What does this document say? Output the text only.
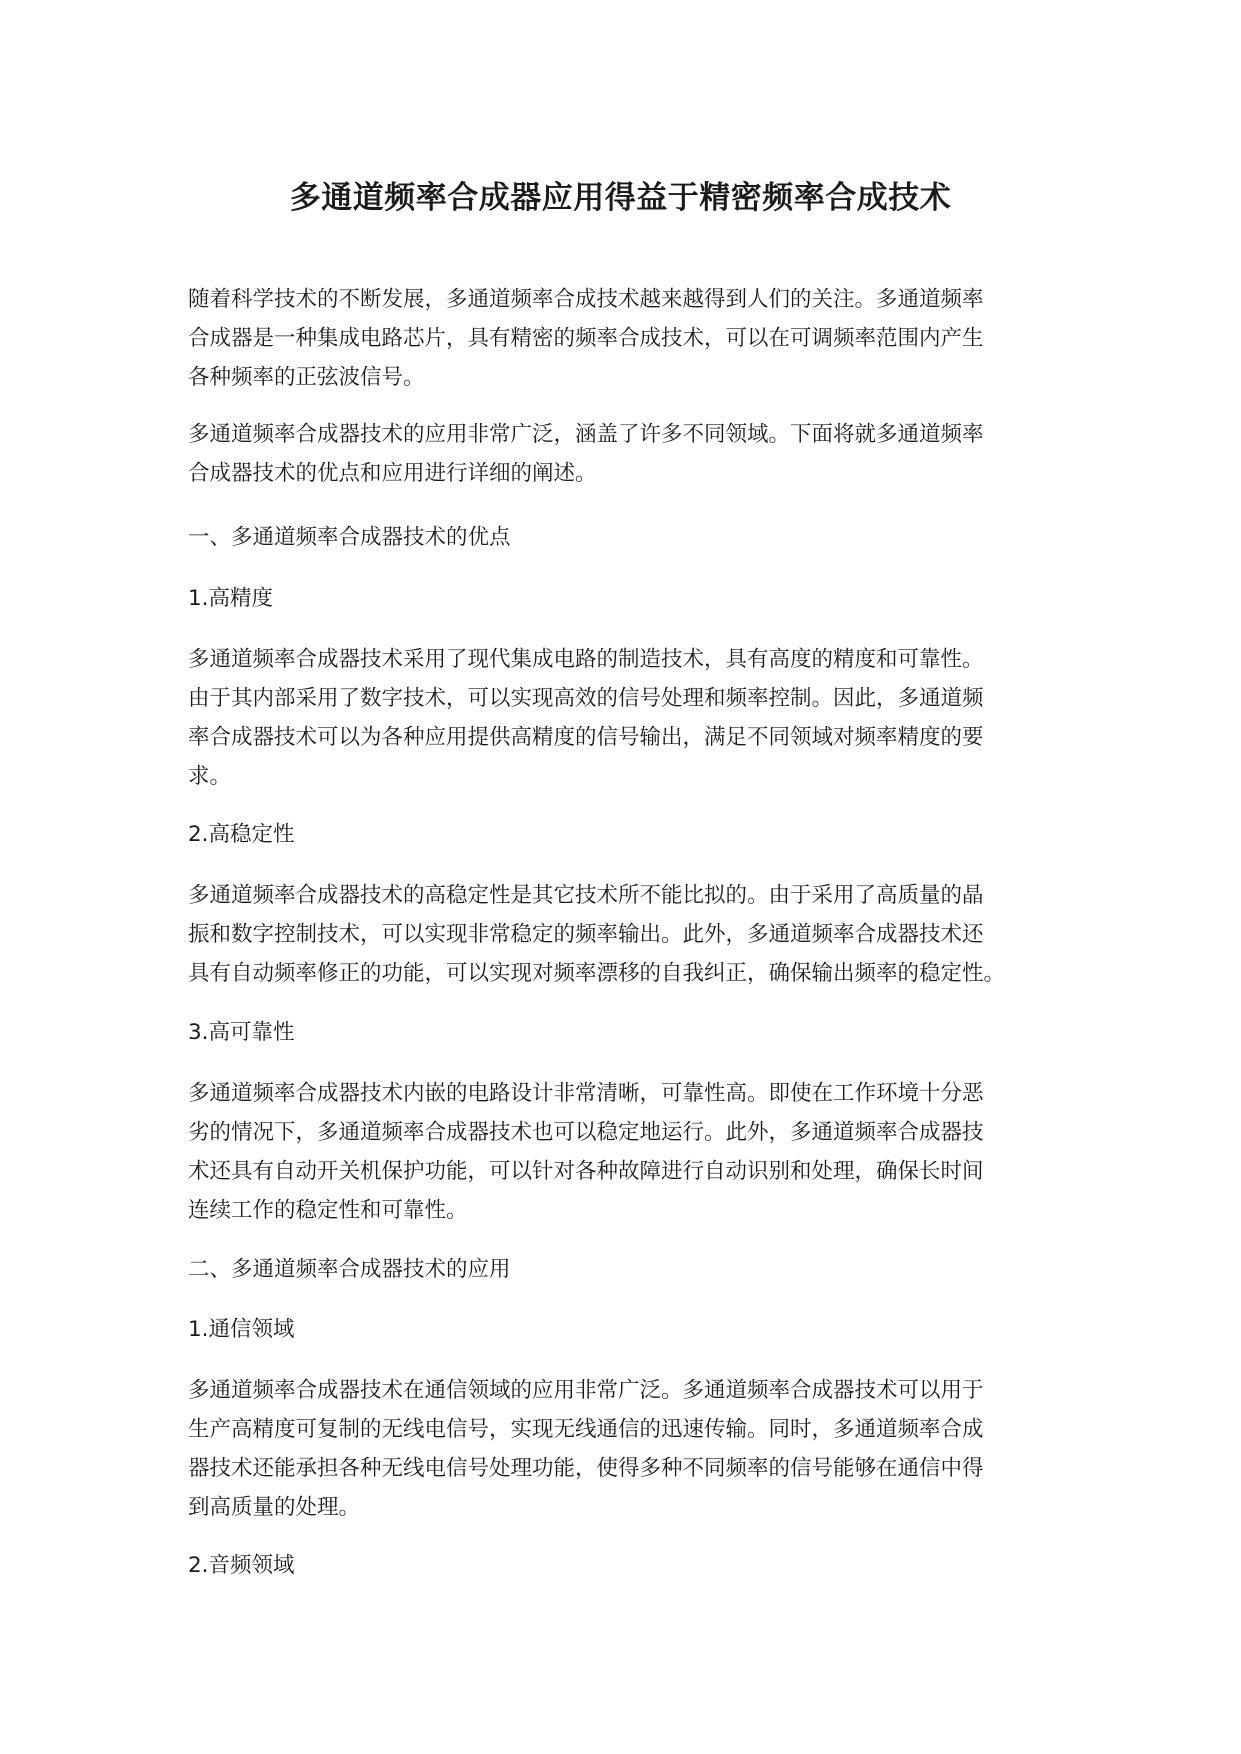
多通道频率合成器应用得益于精密频率合成技术

随着科学技术的不断发展，多通道频率合成技术越来越得到人们的关注。多通道频率
合成器是一种集成电路芯片，具有精密的频率合成技术，可以在可调频率范围内产生
各种频率的正弦波信号。

多通道频率合成器技术的应用非常广泛，涵盖了许多不同领域。下面将就多通道频率
合成器技术的优点和应用进行详细的阐述。

一、多通道频率合成器技术的优点

1.高精度

多通道频率合成器技术采用了现代集成电路的制造技术，具有高度的精度和可靠性。
由于其内部采用了数字技术，可以实现高效的信号处理和频率控制。因此，多通道频
率合成器技术可以为各种应用提供高精度的信号输出，满足不同领域对频率精度的要
求。

2.高稳定性

多通道频率合成器技术的高稳定性是其它技术所不能比拟的。由于采用了高质量的晶
振和数字控制技术，可以实现非常稳定的频率输出。此外，多通道频率合成器技术还
具有自动频率修正的功能，可以实现对频率漂移的自我纠正，确保输出频率的稳定性。

3.高可靠性

多通道频率合成器技术内嵌的电路设计非常清晰，可靠性高。即使在工作环境十分恶
劣的情况下，多通道频率合成器技术也可以稳定地运行。此外，多通道频率合成器技
术还具有自动开关机保护功能，可以针对各种故障进行自动识别和处理，确保长时间
连续工作的稳定性和可靠性。

二、多通道频率合成器技术的应用

1.通信领域

多通道频率合成器技术在通信领域的应用非常广泛。多通道频率合成器技术可以用于
生产高精度可复制的无线电信号，实现无线通信的迅速传输。同时，多通道频率合成
器技术还能承担各种无线电信号处理功能，使得多种不同频率的信号能够在通信中得
到高质量的处理。

2.音频领域
